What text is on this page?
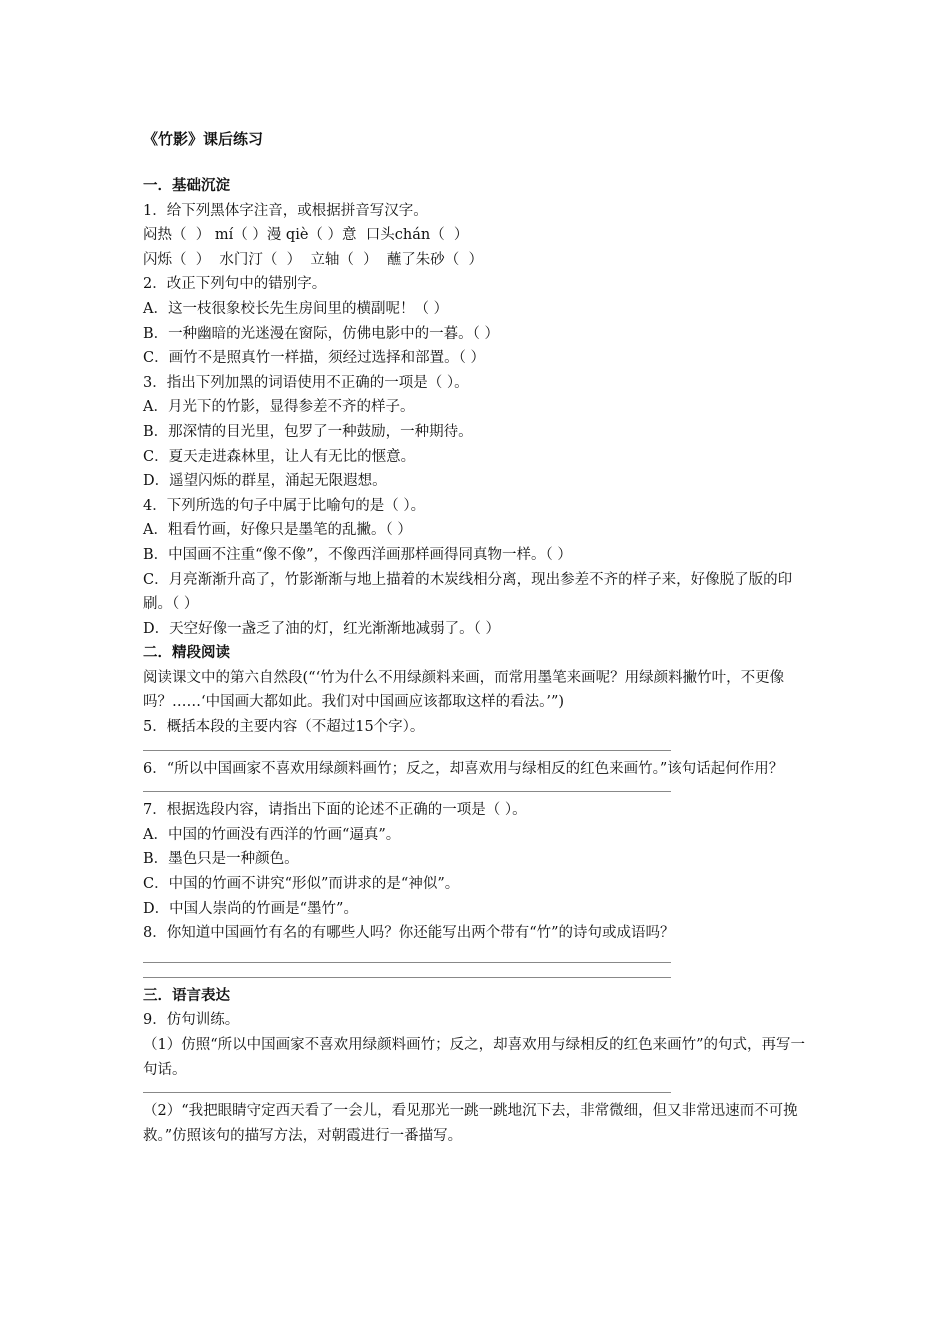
《竹影》课后练习
一．基础沉淀
1．给下列黑体字注音，或根据拼音写汉字。
闷热（  ） mí（ ）漫 qiè（ ）意  口头chán（  ）
闪烁（  ）  水门汀（  ）  立轴（  ）  蘸了朱砂（  ）
2．改正下列句中的错别字。
A．这一枝很象校长先生房间里的横副呢！（ ）
B．一种幽暗的光迷漫在窗际，仿佛电影中的一暮。（ ）
C．画竹不是照真竹一样描，须经过选择和部置。（ ）
3．指出下列加黑的词语使用不正确的一项是（ ）。
A．月光下的竹影，显得参差不齐的样子。
B．那深情的目光里，包罗了一种鼓励，一种期待。
C．夏天走进森林里，让人有无比的惬意。
D．遥望闪烁的群星，涌起无限遐想。
4．下列所选的句子中属于比喻句的是（ ）。
A．粗看竹画，好像只是墨笔的乱撇。（ ）
B．中国画不注重“像不像”，不像西洋画那样画得同真物一样。（ ）
C．月亮渐渐升高了，竹影渐渐与地上描着的木炭线相分离，现出参差不齐的样子来，好像脱了版的印刷。（ ）
D．天空好像一盏乏了油的灯，红光渐渐地减弱了。（ ）
二．精段阅读
阅读课文中的第六自然段(“‘竹为什么不用绿颜料来画，而常用墨笔来画呢？用绿颜料撇竹叶，不更像吗？……‘中国画大都如此。我们对中国画应该都取这样的看法。’”)
5．概括本段的主要内容（不超过15个字）。
6．“所以中国画家不喜欢用绿颜料画竹；反之，却喜欢用与绿相反的红色来画竹。”该句话起何作用？
7．根据选段内容，请指出下面的论述不正确的一项是（ ）。
A．中国的竹画没有西洋的竹画“逼真”。
B．墨色只是一种颜色。
C．中国的竹画不讲究“形似”而讲求的是“神似”。
D．中国人崇尚的竹画是“墨竹”。
8．你知道中国画竹有名的有哪些人吗？你还能写出两个带有“竹”的诗句或成语吗？
三．语言表达
9．仿句训练。
（1）仿照“所以中国画家不喜欢用绿颜料画竹；反之，却喜欢用与绿相反的红色来画竹”的句式，再写一句话。
（2）“我把眼睛守定西天看了一会儿，看见那光一跳一跳地沉下去，非常微细，但又非常迅速而不可挽救。”仿照该句的描写方法，对朝霞进行一番描写。
